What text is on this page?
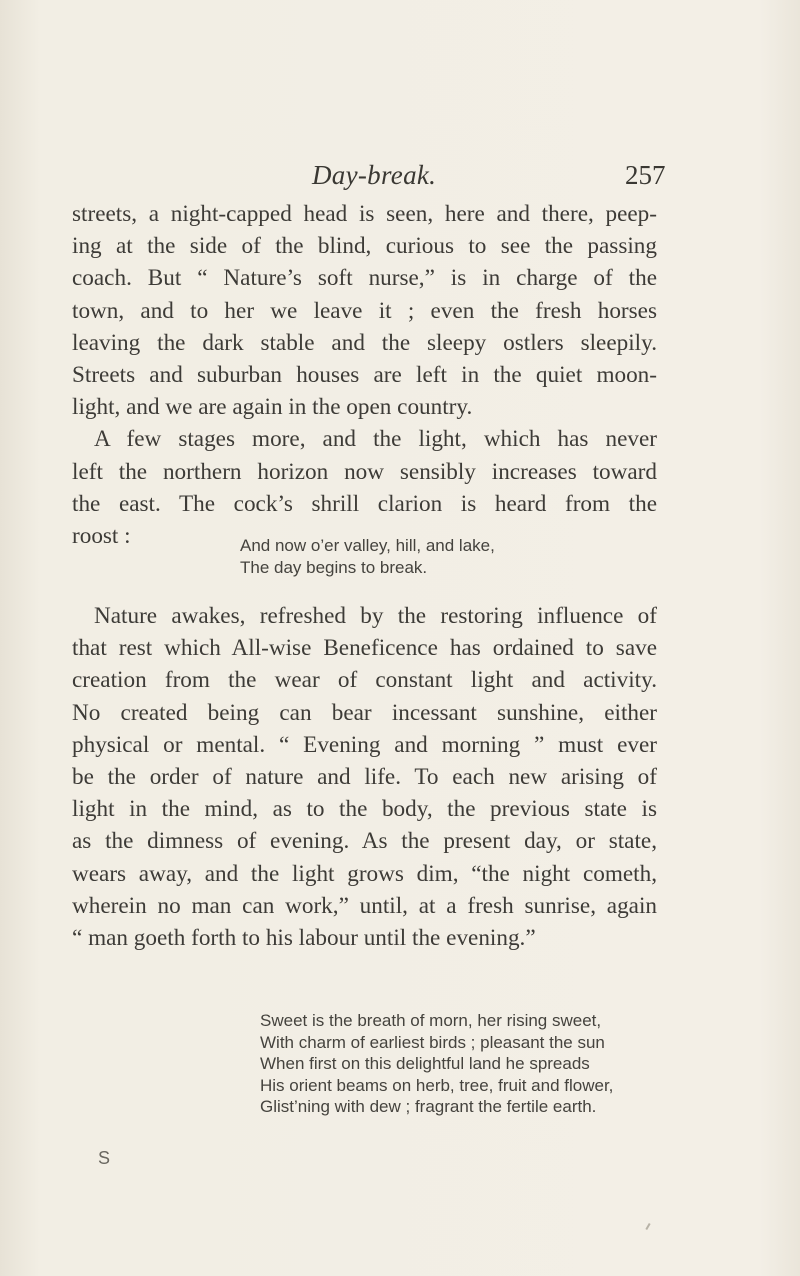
Day-break.	257
streets, a night-capped head is seen, here and there, peep-
ing at the side of the blind, curious to see the passing
coach. But “ Nature’s soft nurse,” is in charge of the
town, and to her we leave it ; even the fresh horses
leaving the dark stable and the sleepy ostlers sleepily.
Streets and suburban houses are left in the quiet moon-
light, and we are again in the open country.
A few stages more, and the light, which has never
left the northern horizon now sensibly increases toward
the east. The cock’s shrill clarion is heard from the
roost :	And now o’er valley, hill, and lake,
The day begins to break.
Nature awakes, refreshed by the restoring influence of
that rest which All-wise Beneficence has ordained to save
creation from the wear of constant light and activity.
No created being can bear incessant sunshine, either
physical or mental. “ Evening and morning ” must ever
be the order of nature and life. To each new arising of
light in the mind, as to the body, the previous state is
as the dimness of evening. As the present day, or state,
wears away, and the light grows dim, “the night cometh,
wherein no man can work,” until, at a fresh sunrise, again
“ man goeth forth to his labour until the evening.”
Sweet is the breath of morn, her rising sweet,
With charm of earliest birds ; pleasant the sun
When first on this delightful land he spreads
His orient beams on herb, tree, fruit and flower,
Glist’ning with dew ; fragrant the fertile earth.
S
